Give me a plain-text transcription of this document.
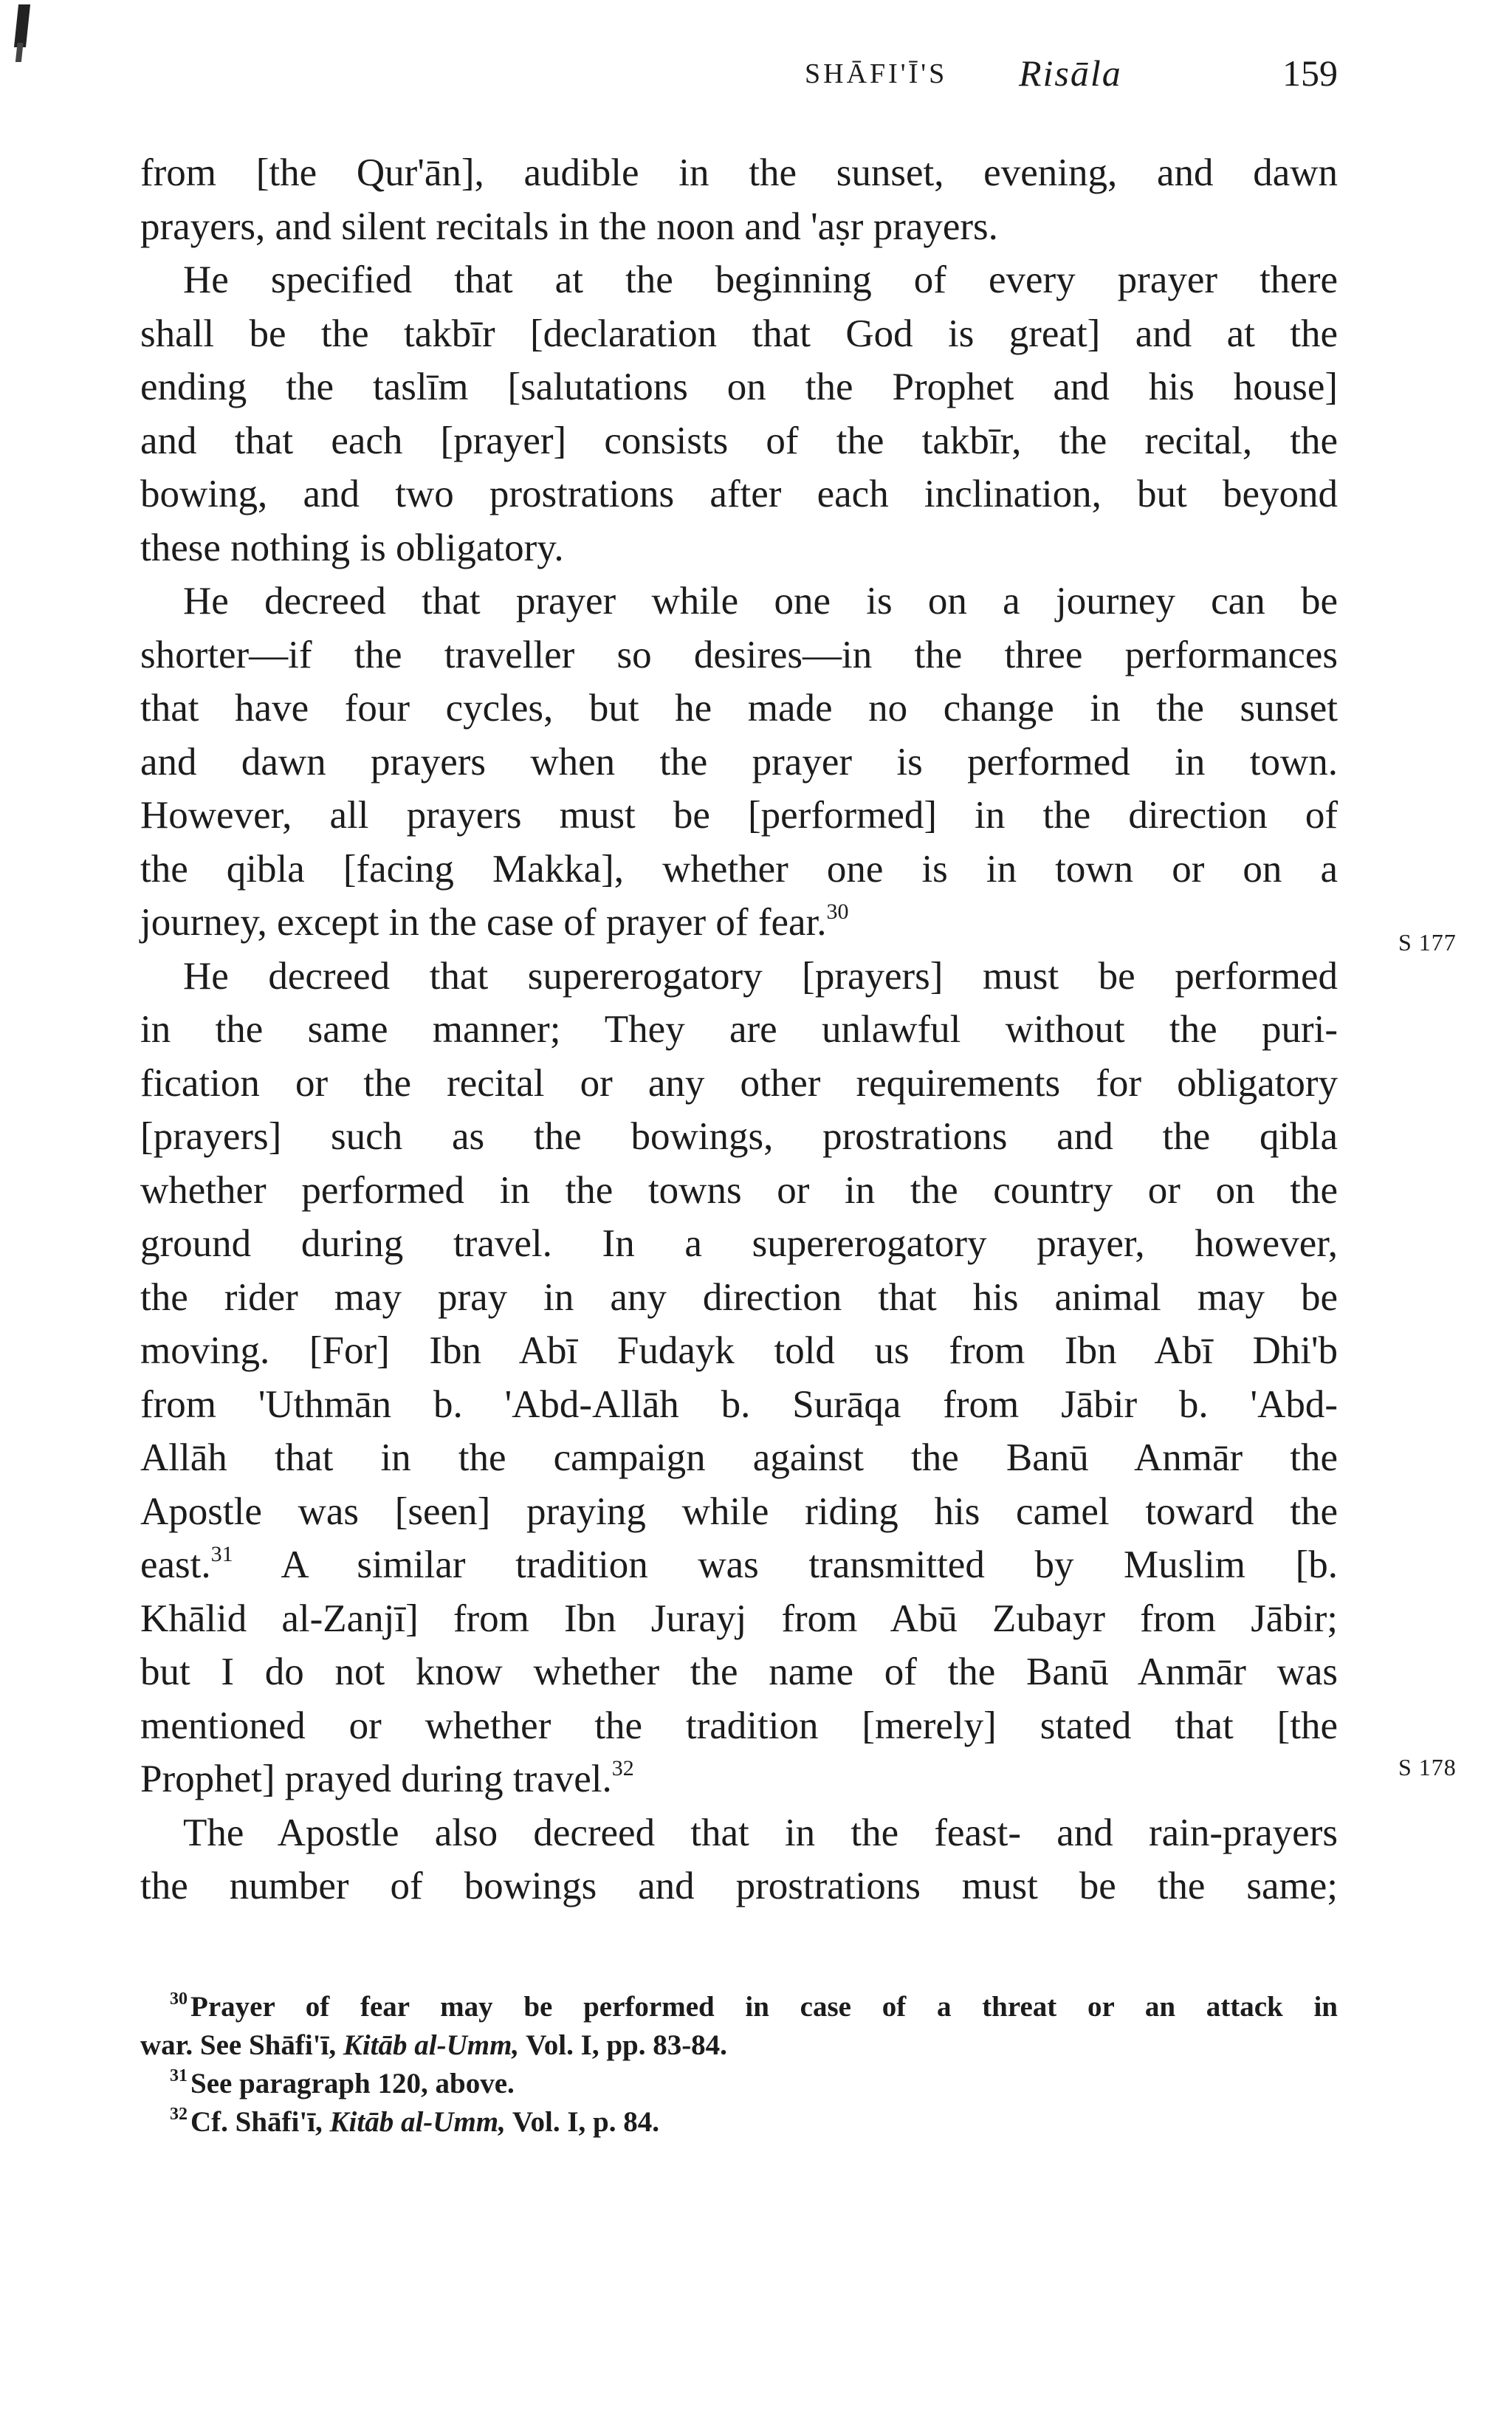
SHĀFI'Ī'S Risāla	159
from [the Qur'ān], audible in the sunset, evening, and dawn
prayers, and silent recitals in the noon and 'aṣr prayers.
He specified that at the beginning of every prayer there
shall be the takbīr [declaration that God is great] and at the
ending the taslīm [salutations on the Prophet and his house]
and that each [prayer] consists of the takbīr, the recital, the
bowing, and two prostrations after each inclination, but beyond
these nothing is obligatory.
He decreed that prayer while one is on a journey can be
shorter—if the traveller so desires—in the three performances
that have four cycles, but he made no change in the sunset
and dawn prayers when the prayer is performed in town.
However, all prayers must be [performed] in the direction of
the qibla [facing Makka], whether one is in town or on a
journey, except in the case of prayer of fear.$^{30}$
He decreed that supererogatory [prayers] must be performed
in the same manner; They are unlawful without the puri-
fication or the recital or any other requirements for obligatory
[prayers] such as the bowings, prostrations and the qibla
whether performed in the towns or in the country or on the
ground during travel. In a supererogatory prayer, however,
the rider may pray in any direction that his animal may be
moving. [For] Ibn Abī Fudayk told us from Ibn Abī Dhi'b
from 'Uthmān b. 'Abd-Allāh b. Surāqa from Jābir b. 'Abd-
Allāh that in the campaign against the Banū Anmār the
Apostle was [seen] praying while riding his camel toward the
east.$^{31}$ A similar tradition was transmitted by Muslim [b.
Khālid al-Zanjī] from Ibn Jurayj from Abū Zubayr from Jābir;
but I do not know whether the name of the Banū Anmār was
mentioned or whether the tradition [merely] stated that [the
Prophet] prayed during travel.$^{32}$
The Apostle also decreed that in the feast- and rain-prayers
the number of bowings and prostrations must be the same;
S 177
S 178
$^{30}$ Prayer of fear may be performed in case of a threat or an attack in
war. See Shāfi'ī, Kitāb al-Umm, Vol. I, pp. 83-84.
$^{31}$ See paragraph 120, above.
$^{32}$ Cf. Shāfi'ī, Kitāb al-Umm, Vol. I, p. 84.
